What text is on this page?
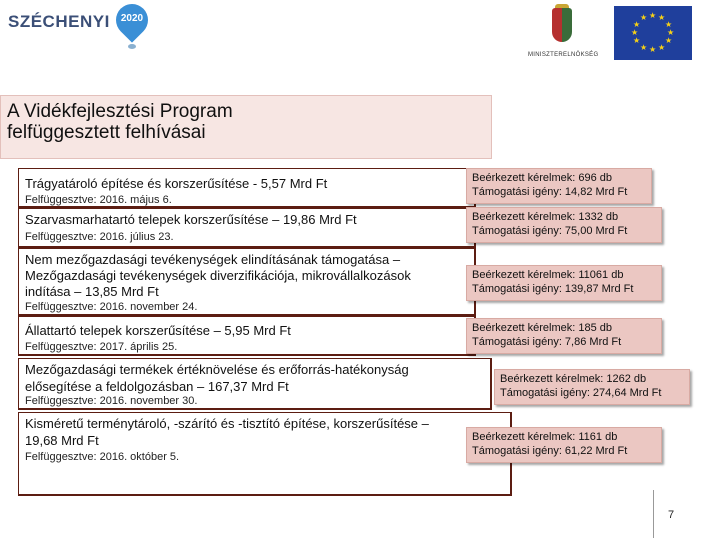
SZÉCHENYI 2020
MINISZTERELNÖKSÉG
★ ★
★
★
★
★
★
★
★
★
★
★
A Vidékfejlesztési Program
felfüggesztett felhívásai
Trágyatároló építése és korszerűsítése - 5,57 Mrd Ft
Felfüggesztve: 2016. május 6.
Beérkezett kérelmek: 696 db
Támogatási igény: 14,82 Mrd Ft
Szarvasmarhatartó telepek korszerűsítése – 19,86 Mrd Ft
Felfüggesztve: 2016. július 23.
Beérkezett kérelmek: 1332 db
Támogatási igény: 75,00 Mrd Ft
Nem mezőgazdasági tevékenységek elindításának támogatása –
Mezőgazdasági tevékenységek diverzifikációja, mikrovállalkozások
indítása – 13,85 Mrd Ft
Felfüggesztve: 2016. november 24.
Beérkezett kérelmek: 11061 db
Támogatási igény: 139,87 Mrd Ft
Állattartó telepek korszerűsítése – 5,95 Mrd Ft
Felfüggesztve: 2017. április 25.
Beérkezett kérelmek: 185 db
Támogatási igény: 7,86 Mrd Ft
Mezőgazdasági termékek értéknövelése és erőforrás-hatékonyság
elősegítése a feldolgozásban – 167,37 Mrd Ft
Felfüggesztve: 2016. november 30.
Beérkezett kérelmek: 1262 db
Támogatási igény: 274,64 Mrd Ft
Kisméretű terménytároló, -szárító és -tisztító építése, korszerűsítése –
19,68 Mrd Ft
Felfüggesztve: 2016. október 5.
Beérkezett kérelmek: 1161 db
Támogatási igény: 61,22 Mrd Ft
7
